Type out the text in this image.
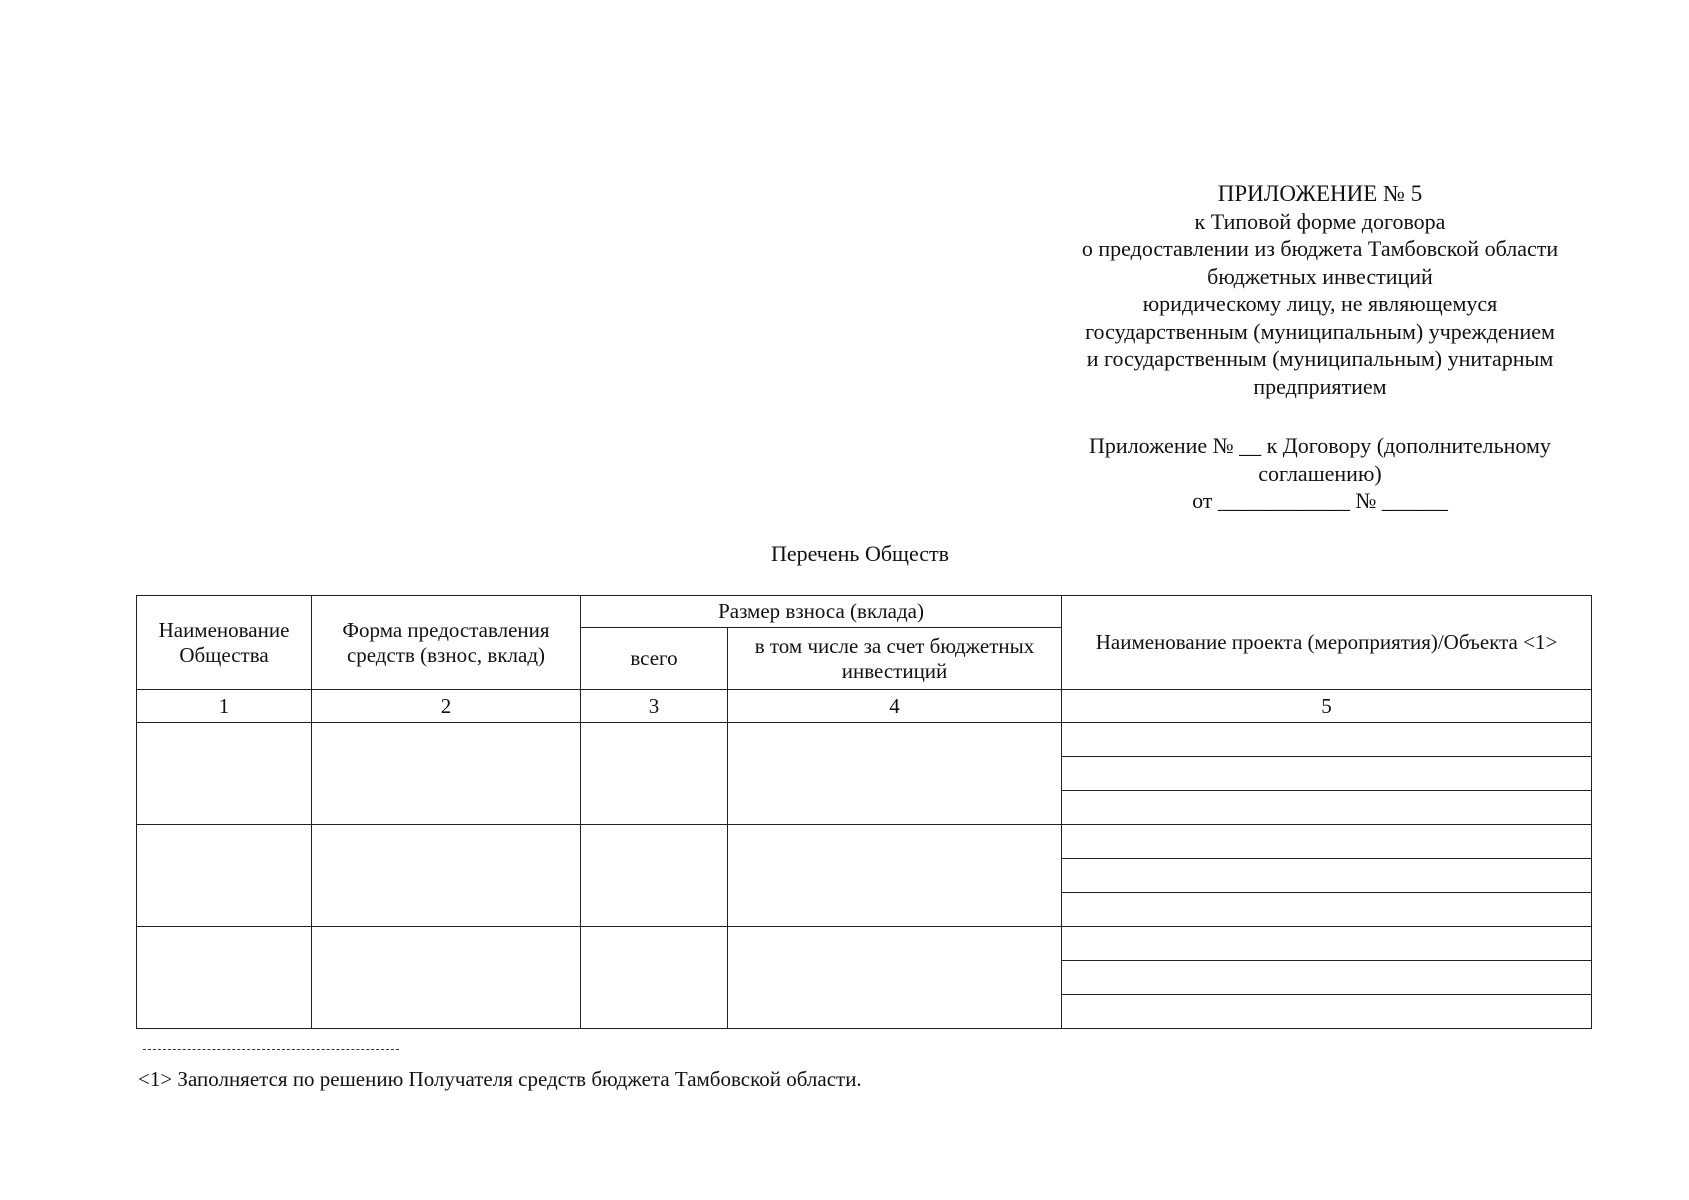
ПРИЛОЖЕНИЕ № 5
к Типовой форме договора
о предоставлении из бюджета Тамбовской области
бюджетных инвестиций
юридическому лицу, не являющемуся
государственным (муниципальным) учреждением
и государственным (муниципальным) унитарным
предприятием
Приложение № __ к Договору (дополнительному
соглашению)
от ____________ № ______
Перечень Обществ
Наименование Общества	Форма предоставления средств (взнос, вклад)	Размер взноса (вклада)		Наименование проекта (мероприятия)/Объекта <1>
		всего	в том числе за счет бюджетных инвестиций	
1	2	3	4	5

<1> Заполняется по решению Получателя средств бюджета Тамбовской области.
